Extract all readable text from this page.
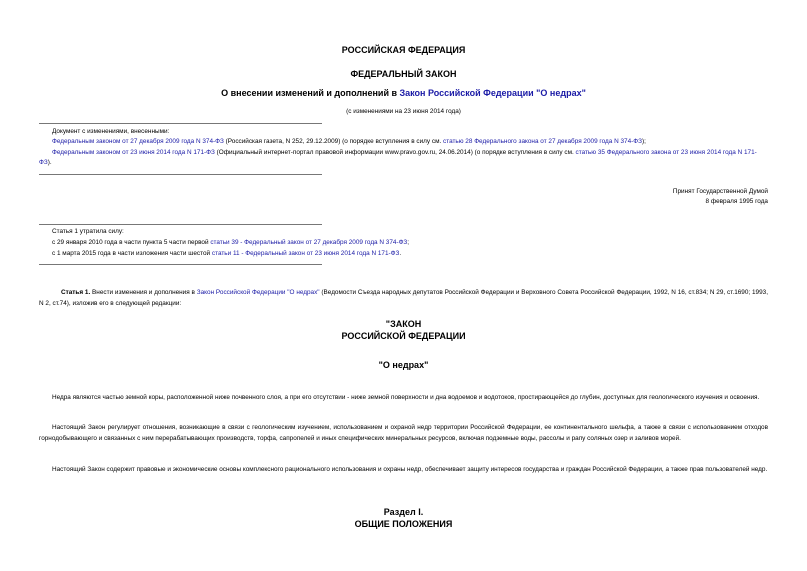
РОССИЙСКАЯ ФЕДЕРАЦИЯ
ФЕДЕРАЛЬНЫЙ ЗАКОН
О внесении изменений и дополнений в Закон Российской Федерации "О недрах"
(с изменениями на 23 июня 2014 года)
Документ с изменениями, внесенными:
Федеральным законом от 27 декабря 2009 года N 374-ФЗ (Российская газета, N 252, 29.12.2009) (о порядке вступления в силу см. статью 28 Федерального закона от 27 декабря 2009 года N 374-ФЗ);
Федеральным законом от 23 июня 2014 года N 171-ФЗ (Официальный интернет-портал правовой информации www.pravo.gov.ru, 24.06.2014) (о порядке вступления в силу см. статью 35 Федерального закона от 23 июня 2014 года N 171-ФЗ).
Принят Государственной Думой
8 февраля 1995 года
Статья 1 утратила силу:
с 29 января 2010 года в части пункта 5 части первой статьи 39 - Федеральный закон от 27 декабря 2009 года N 374-ФЗ;
с 1 марта 2015 года в части изложения части шестой статьи 11 - Федеральный закон от 23 июня 2014 года N 171-ФЗ.
Статья 1. Внести изменения и дополнения в Закон Российской Федерации "О недрах" (Ведомости Съезда народных депутатов Российской Федерации и Верховного Совета Российской Федерации, 1992, N 16, ст.834; N 29, ст.1690; 1993, N 2, ст.74), изложив его в следующей редакции:
"ЗАКОН
РОССИЙСКОЙ ФЕДЕРАЦИИ
"О недрах"
Недра являются частью земной коры, расположенной ниже почвенного слоя, а при его отсутствии - ниже земной поверхности и дна водоемов и водотоков, простирающейся до глубин, доступных для геологического изучения и освоения.
Настоящий Закон регулирует отношения, возникающие в связи с геологическим изучением, использованием и охраной недр территории Российской Федерации, ее континентального шельфа, а также в связи с использованием отходов горнодобывающего и связанных с ним перерабатывающих производств, торфа, сапропелей и иных специфических минеральных ресурсов, включая подземные воды, рассолы и рапу соляных озер и заливов морей.
Настоящий Закон содержит правовые и экономические основы комплексного рационального использования и охраны недр, обеспечивает защиту интересов государства и граждан Российской Федерации, а также прав пользователей недр.
Раздел I.
ОБЩИЕ ПОЛОЖЕНИЯ
